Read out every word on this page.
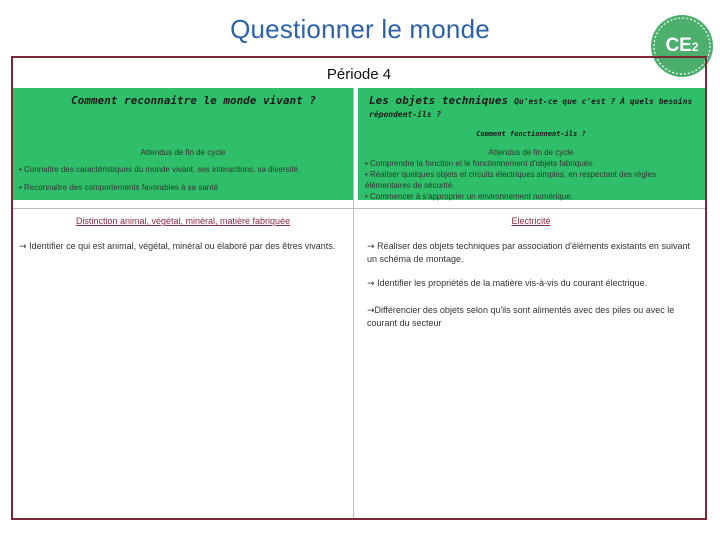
Questionner le monde
CE2
Période 4
Comment reconnaitre le monde vivant ?	Les objets techniques Qu'est-ce que c'est ? À quels besoins répondent-ils ?
Comment fonctionnent-ils ?
Attendus de fin de cycle
• Connaitre des caractéristiques du monde vivant, ses interactions, sa diversité.
• Reconnaitre des comportements favorables à sa santé
Attendus de fin de cycle
• Comprendre la fonction et le fonctionnement d'objets fabriqués.
• Réaliser quelques objets et circuits électriques simples, en respectant des règles élémentaires de sécurité.
• Commencer à s'approprier un environnement numérique.
Distinction animal, végétal, minéral, matière fabriquée
→ Identifier ce qui est animal, végétal, minéral ou élaboré par des êtres vivants.
Electricité
→ Réaliser des objets techniques par association d'éléments existants en suivant un schéma de montage.
→ Identifier les propriétés de la matière vis-à-vis du courant électrique.
→Différencier des objets selon qu'ils sont alimentés avec des piles ou avec le courant du secteur
